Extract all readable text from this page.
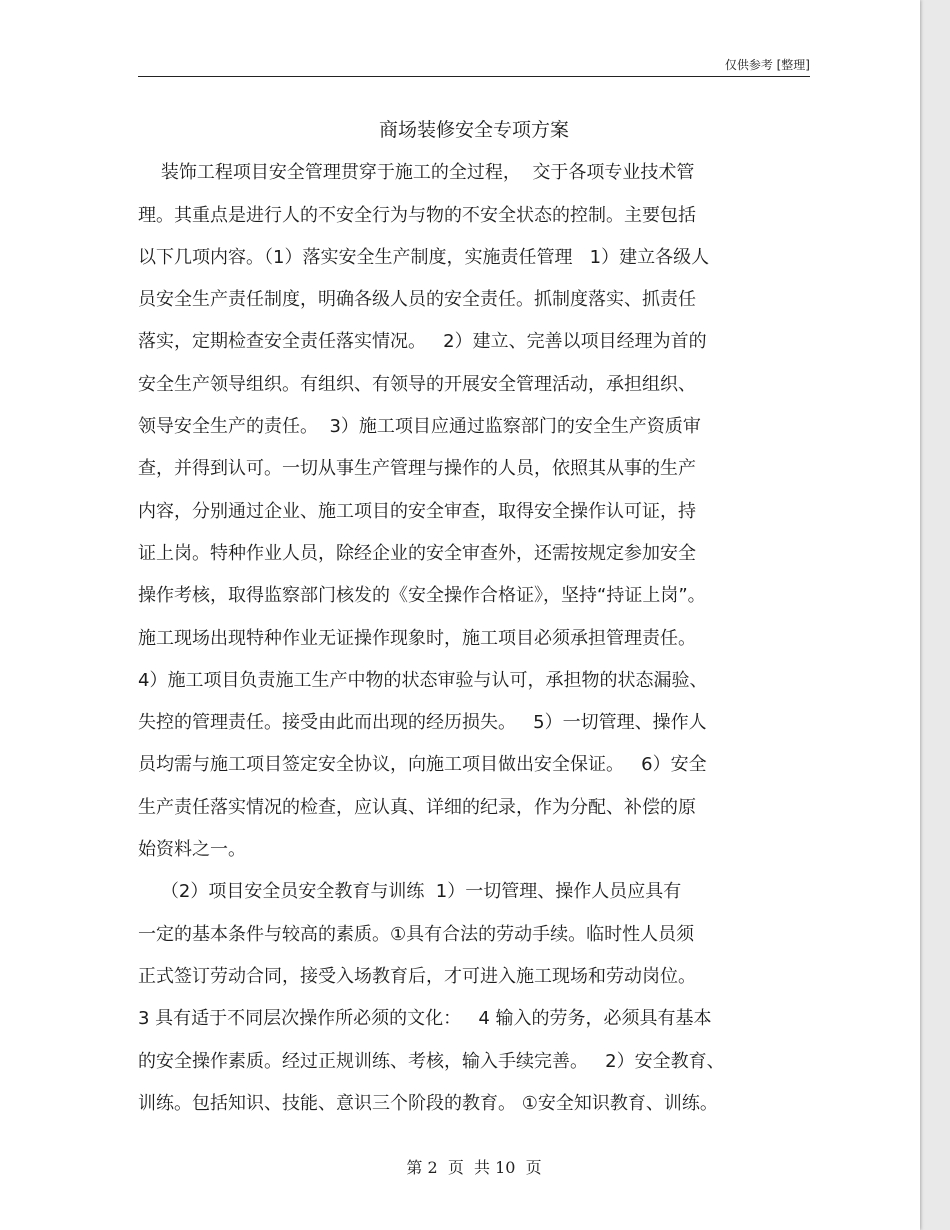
仅供参考 [整理]
商场装修安全专项方案
装饰工程项目安全管理贯穿于施工的全过程，  交于各项专业技术管
理。其重点是进行人的不安全行为与物的不安全状态的控制。主要包括
以下几项内容。（1）落实安全生产制度，实施责任管理   1）建立各级人
员安全生产责任制度，明确各级人员的安全责任。抓制度落实、抓责任
落实，定期检查安全责任落实情况。   2）建立、完善以项目经理为首的
安全生产领导组织。有组织、有领导的开展安全管理活动，承担组织、
领导安全生产的责任。  3）施工项目应通过监察部门的安全生产资质审
查，并得到认可。一切从事生产管理与操作的人员，依照其从事的生产
内容，分别通过企业、施工项目的安全审查，取得安全操作认可证，持
证上岗。特种作业人员，除经企业的安全审查外，还需按规定参加安全
操作考核，取得监察部门核发的《安全操作合格证》，坚持“持证上岗”。
施工现场出现特种作业无证操作现象时，施工项目必须承担管理责任。
4）施工项目负责施工生产中物的状态审验与认可，承担物的状态漏验、
失控的管理责任。接受由此而出现的经历损失。   5）一切管理、操作人
员均需与施工项目签定安全协议，向施工项目做出安全保证。   6）安全
生产责任落实情况的检查，应认真、详细的纪录，作为分配、补偿的原
始资料之一。
（2）项目安全员安全教育与训练  1）一切管理、操作人员应具有
一定的基本条件与较高的素质。①具有合法的劳动手续。临时性人员须
正式签订劳动合同，接受入场教育后，才可进入施工现场和劳动岗位。
3 具有适于不同层次操作所必须的文化：   4 输入的劳务，必须具有基本
的安全操作素质。经过正规训练、考核，输入手续完善。   2）安全教育、
训练。包括知识、技能、意识三个阶段的教育。 ①安全知识教育、训练。
第 2  页  共 10  页
